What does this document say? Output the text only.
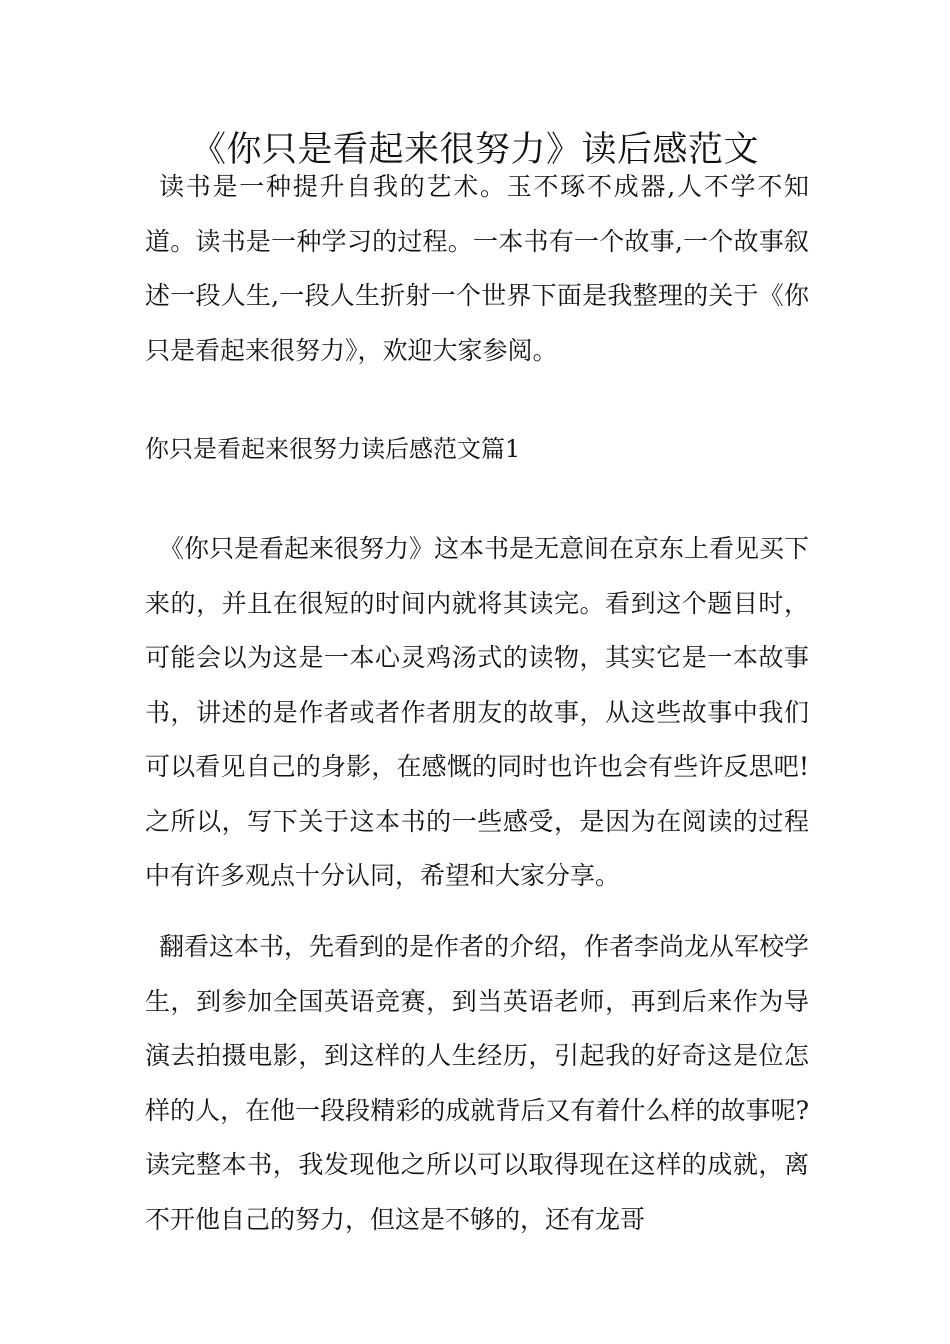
《你只是看起来很努力》读后感范文

读书是一种提升自我的艺术。玉不琢不成器,人不学不知道。读书是一种学习的过程。一本书有一个故事,一个故事叙述一段人生,一段人生折射一个世界下面是我整理的关于《你只是看起来很努力》，欢迎大家参阅。

你只是看起来很努力读后感范文篇1

《你只是看起来很努力》这本书是无意间在京东上看见买下来的，并且在很短的时间内就将其读完。看到这个题目时，可能会以为这是一本心灵鸡汤式的读物，其实它是一本故事书，讲述的是作者或者作者朋友的故事，从这些故事中我们可以看见自己的身影，在感慨的同时也许也会有些许反思吧!之所以，写下关于这本书的一些感受，是因为在阅读的过程中有许多观点十分认同，希望和大家分享。

翻看这本书，先看到的是作者的介绍，作者李尚龙从军校学生，到参加全国英语竞赛，到当英语老师，再到后来作为导演去拍摄电影，到这样的人生经历，引起我的好奇这是位怎样的人，在他一段段精彩的成就背后又有着什么样的故事呢?读完整本书，我发现他之所以可以取得现在这样的成就，离不开他自己的努力，但这是不够的，还有龙哥
